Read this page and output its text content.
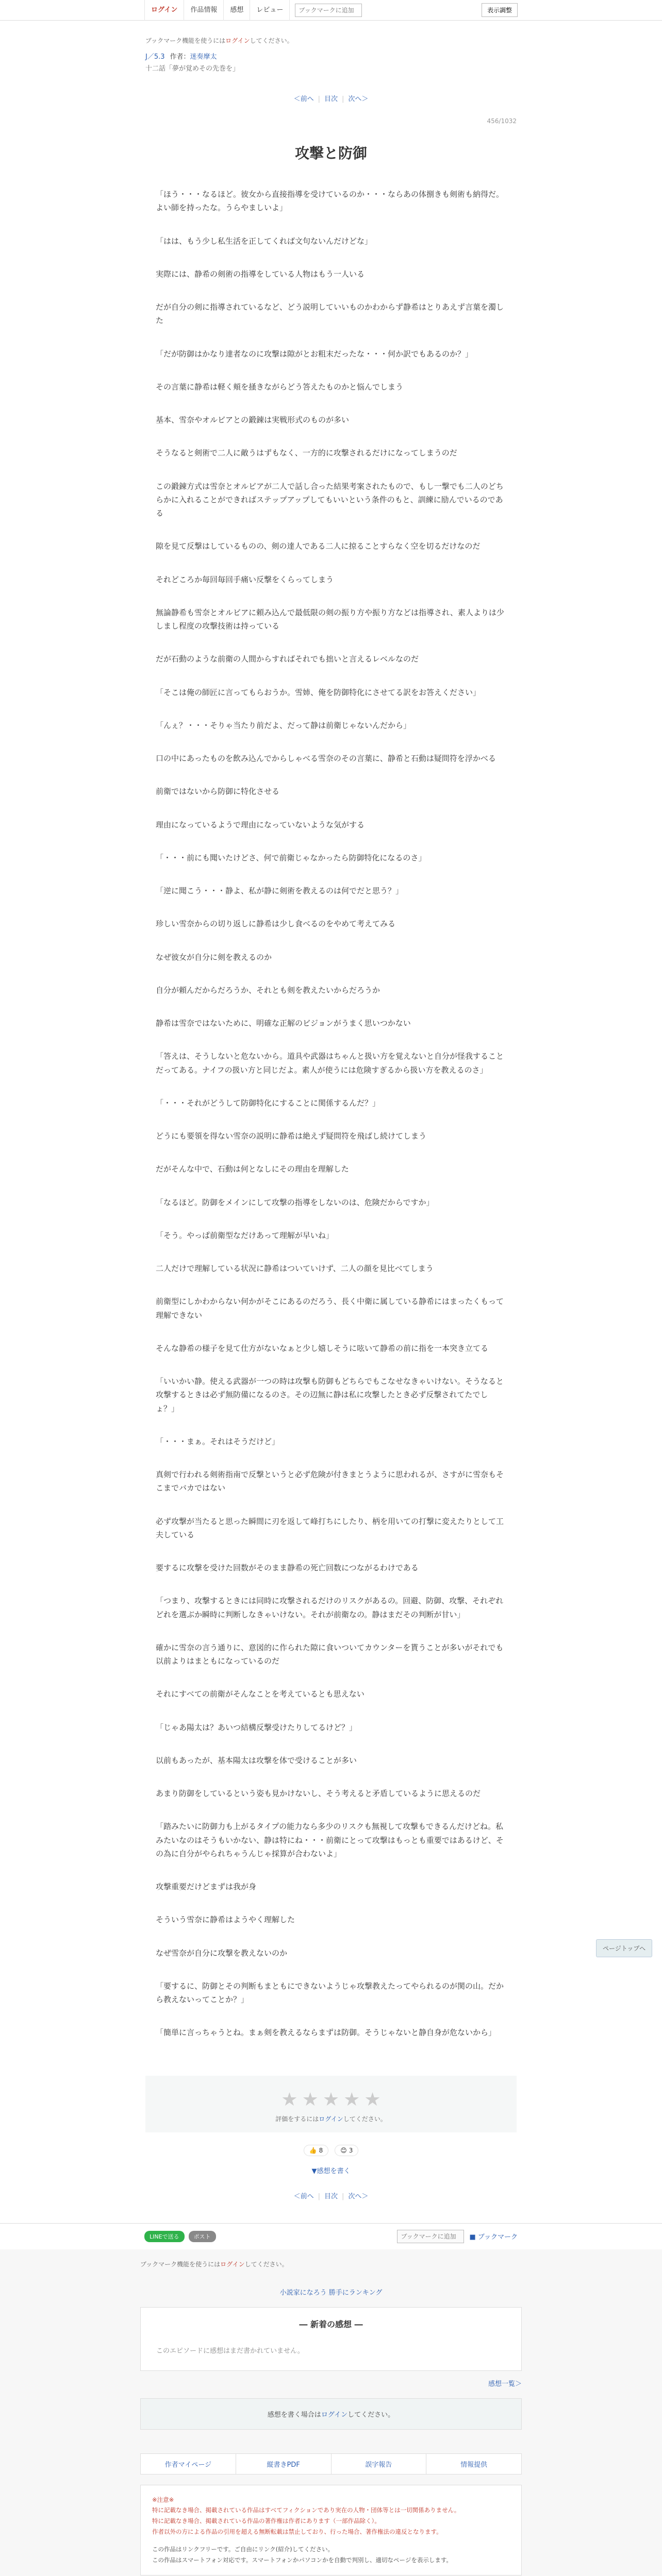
ログイン	作品情報	感想	レビュー
ブックマークに追加	表示調整

ブックマーク機能を使うにはログインしてください。

J／5.3 作者：迷奏摩太
十二話「夢が覚めその先巻を」
＜前へ | 目次 | 次へ＞
456/1032
攻撃と防御

「ほう・・・なるほど。彼女から直接指導を受けているのか・・・ならあの体捌きも剣術も納得だ。よい師を持ったな。うらやましいよ」

「はは、もう少し私生活を正してくれば文句ないんだけどな」

実際には、静希の剣術の指導をしている人物はもう一人いる

だが自分の剣に指導されているなど、どう説明していいものかわからず静希はとりあえず言葉を濁した

「だが防御はかなり達者なのに攻撃は隙がとお粗末だったな・・・何か訳でもあるのか？」

その言葉に静希は軽く頬を掻きながらどう答えたものかと悩んでしまう

基本、雪奈やオルビアとの鍛錬は実戦形式のものが多い

そうなると剣術で二人に敵うはずもなく、一方的に攻撃されるだけになってしまうのだ

この鍛錬方式は雪奈とオルビアが二人で話し合った結果考案されたもので、もし一撃でも二人のどちらかに入れることができればステップアップしてもいいという条件のもと、訓練に励んでいるのである

隙を見て反撃はしているものの、剣の達人である二人に掠ることすらなく空を切るだけなのだ

それどころか毎回毎回手痛い反撃をくらってしまう

無論静希も雪奈とオルビアに頼み込んで最低限の剣の振り方や振り方などは指導され、素人よりは少しまし程度の攻撃技術は持っている

だが石動のような前衛の人間からすればそれでも拙いと言えるレベルなのだ

「そこは俺の師匠に言ってもらおうか。雪姉、俺を防御特化にさせてる訳をお答えください」

「んぇ？・・・そりゃ当たり前だよ、だって静は前衛じゃないんだから」

口の中にあったものを飲み込んでからしゃべる雪奈のその言葉に、静希と石動は疑問符を浮かべる

前衛ではないから防御に特化させる

理由になっているようで理由になっていないような気がする

「・・・前にも聞いたけどさ、何で前衛じゃなかったら防御特化になるのさ」

「逆に聞こう・・・静よ、私が静に剣術を教えるのは何でだと思う？」

珍しい雪奈からの切り返しに静希は少し食べるのをやめて考えてみる

なぜ彼女が自分に剣を教えるのか

自分が頼んだからだろうか、それとも剣を教えたいからだろうか

静希は雪奈ではないために、明確な正解のビジョンがうまく思いつかない

「答えは、そうしないと危ないから。道具や武器はちゃんと扱い方を覚えないと自分が怪我することだってある。ナイフの扱い方と同じだよ。素人が使うには危険すぎるから扱い方を教えるのさ」

「・・・それがどうして防御特化にすることに関係するんだ？」

どうにも要領を得ない雪奈の説明に静希は絶えず疑問符を飛ばし続けてしまう

だがそんな中で、石動は何となしにその理由を理解した

「なるほど。防御をメインにして攻撃の指導をしないのは、危険だからですか」

「そう。やっぱ前衛型なだけあって理解が早いね」

二人だけで理解している状況に静希はついていけず、二人の顔を見比べてしまう

前衛型にしかわからない何かがそこにあるのだろう、長く中衛に属している静希にはまったくもって理解できない

そんな静希の様子を見て仕方がないなぁと少し嬉しそうに呟いて静希の前に指を一本突き立てる

「いいかい静。使える武器が一つの時は攻撃も防御もどちらでもこなせなきゃいけない。そうなると攻撃するときは必ず無防備になるのさ。その辺無に静は私に攻撃したとき必ず反撃されてたでしょ？」

「・・・まぁ。それはそうだけど」

真剣で行われる剣術指南で反撃というと必ず危険が付きまとうように思われるが、さすがに雪奈もそこまでバカではない

必ず攻撃が当たると思った瞬間に刃を返して峰打ちにしたり、柄を用いての打撃に変えたりとして工夫している

要するに攻撃を受けた回数がそのまま静希の死亡回数につながるわけである

「つまり、攻撃するときには同時に攻撃されるだけのリスクがあるの。回避、防御、攻撃、それぞれどれを選ぶか瞬時に判断しなきゃいけない。それが前衛なの。静はまだその判断が甘い」

確かに雪奈の言う通りに、意図的に作られた隙に食いついてカウンターを貰うことが多いがそれでも以前よりはまともになっているのだ

それにすべての前衛がそんなことを考えているとも思えない

「じゃあ陽太は？あいつ結構反撃受けたりしてるけど？」

以前もあったが、基本陽太は攻撃を体で受けることが多い

あまり防御をしているという姿も見かけないし、そう考えると矛盾しているように思えるのだ

「踏みたいに防御力も上がるタイプの能力なら多少のリスクも無視して攻撃もできるんだけどね。私みたいなのはそうもいかない、静は特にね・・・前衛にとって攻撃はもっとも重要ではあるけど、その為に自分がやられちゃうんじゃ採算が合わないよ」

攻撃重要だけどまずは我が身

そういう雪奈に静希はようやく理解した

なぜ雪奈が自分に攻撃を教えないのか

「要するに、防御とその判断もまともにできないようじゃ攻撃教えたってやられるのが関の山。だから教えないってことか？」

「簡単に言っちゃうとね。まぁ剣を教えるならまずは防御。そうじゃないと静自身が危ないから」

★ ★ ★ ★ ★

評価をするにはログインしてください。

👍 8	😊 3
▼感想を書く
＜前へ | 目次 | 次へ＞
LINEで送る	ポスト
ブックマークに追加	■ ブックマーク

ブックマーク機能を使うにはログインしてください。

小説家になろう 勝手にランキング
― 新着の感想 ―

このエピソードに感想はまだ書かれていません。

感想一覧＞
感想を書く場合はログインしてください。
作者マイページ	縦書きPDF	誤字報告	情報提供
※注意※
特に記載なき場合、掲載されている作品はすべてフィクションであり実在の人物・団体等とは一切関係ありません。
特に記載なき場合、掲載されている作品の著作権は作者にあります（一部作品除く）。
作者以外の方による作品の引用を超える無断転載は禁止しており、行った場合、著作権法の違反となります。
この作品はリンクフリーです。ご自由にリンク(紹介)してください。
この作品はスマートフォン対応です。スマートフォンかパソコンかを自動で判別し、適切なページを表示します。
ページトップへ
